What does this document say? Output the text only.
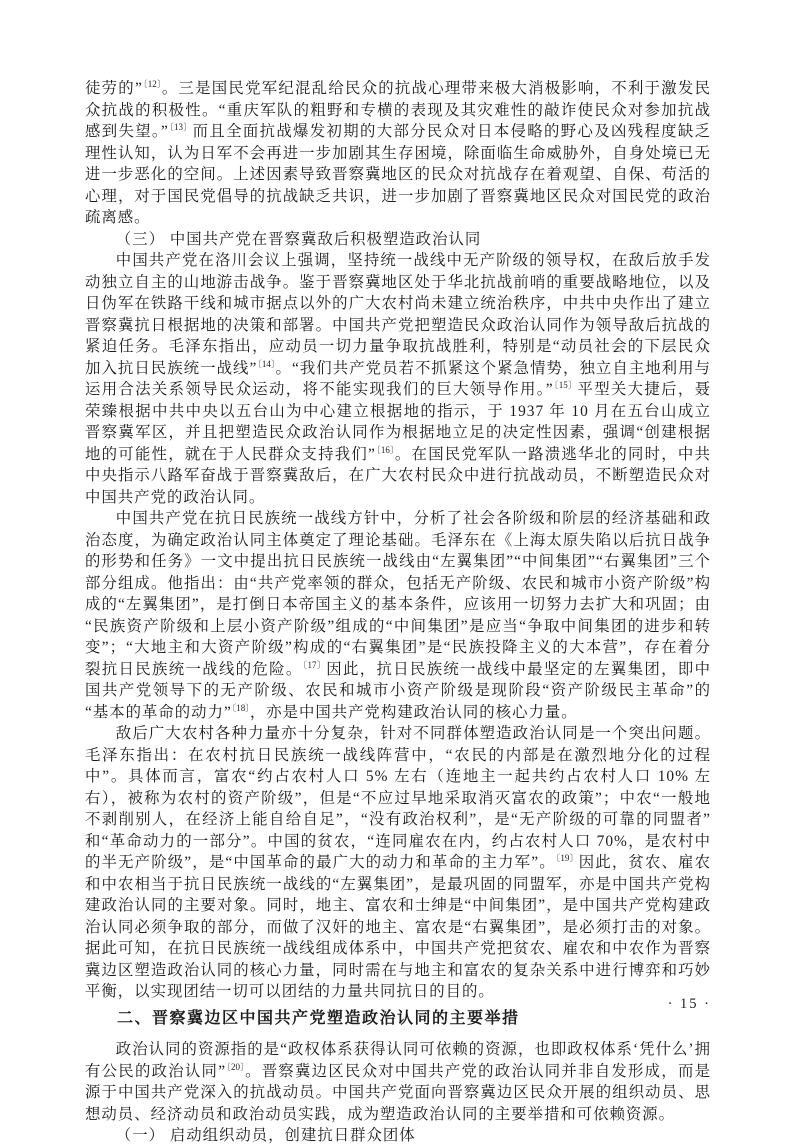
徒劳的”$^{〔12〕}$。三是国民党军纪混乱给民众的抗战心理带来极大消极影响，不利于激发民众抗战的积极性。“重庆军队的粗野和专横的表现及其灾难性的敲诈使民众对参加抗战感到失望。”$^{〔13〕}$而且全面抗战爆发初期的大部分民众对日本侵略的野心及凶残程度缺乏理性认知，认为日军不会再进一步加剧其生存困境，除面临生命威胁外，自身处境已无进一步恶化的空间。上述因素导致晋察冀地区的民众对抗战存在着观望、自保、苟活的心理，对于国民党倡导的抗战缺乏共识，进一步加剧了晋察冀地区民众对国民党的政治疏离感。

（三） 中国共产党在晋察冀敌后积极塑造政治认同

中国共产党在洛川会议上强调，坚持统一战线中无产阶级的领导权，在敌后放手发动独立自主的山地游击战争。鉴于晋察冀地区处于华北抗战前哨的重要战略地位，以及日伪军在铁路干线和城市据点以外的广大农村尚未建立统治秩序，中共中央作出了建立晋察冀抗日根据地的决策和部署。中国共产党把塑造民众政治认同作为领导敌后抗战的紧迫任务。毛泽东指出，应动员一切力量争取抗战胜利，特别是“动员社会的下层民众加入抗日民族统一战线”$^{〔14〕}$。“我们共产党员若不抓紧这个紧急情势，独立自主地利用与运用合法关系领导民众运动，将不能实现我们的巨大领导作用。”$^{〔15〕}$平型关大捷后，聂荣臻根据中共中央以五台山为中心建立根据地的指示，于 1937 年 10 月在五台山成立晋察冀军区，并且把塑造民众政治认同作为根据地立足的决定性因素，强调“创建根据地的可能性，就在于人民群众支持我们”$^{〔16〕}$。在国民党军队一路溃逃华北的同时，中共中央指示八路军奋战于晋察冀敌后，在广大农村民众中进行抗战动员，不断塑造民众对中国共产党的政治认同。

中国共产党在抗日民族统一战线方针中，分析了社会各阶级和阶层的经济基础和政治态度，为确定政治认同主体奠定了理论基础。毛泽东在《上海太原失陷以后抗日战争的形势和任务》一文中提出抗日民族统一战线由“左翼集团”“中间集团”“右翼集团”三个部分组成。他指出：由“共产党率领的群众，包括无产阶级、农民和城市小资产阶级”构成的“左翼集团”，是打倒日本帝国主义的基本条件，应该用一切努力去扩大和巩固；由“民族资产阶级和上层小资产阶级”组成的“中间集团”是应当“争取中间集团的进步和转变”；“大地主和大资产阶级”构成的“右翼集团”是“民族投降主义的大本营”，存在着分裂抗日民族统一战线的危险。$^{〔17〕}$因此，抗日民族统一战线中最坚定的左翼集团，即中国共产党领导下的无产阶级、农民和城市小资产阶级是现阶段“资产阶级民主革命”的“基本的革命的动力”$^{〔18〕}$，亦是中国共产党构建政治认同的核心力量。

敌后广大农村各种力量亦十分复杂，针对不同群体塑造政治认同是一个突出问题。毛泽东指出：在农村抗日民族统一战线阵营中，“农民的内部是在激烈地分化的过程中”。具体而言，富农“约占农村人口 5% 左右（连地主一起共约占农村人口 10% 左右），被称为农村的资产阶级”，但是“不应过早地采取消灭富农的政策”；中农“一般地不剥削别人，在经济上能自给自足”，“没有政治权利”，是“无产阶级的可靠的同盟者”和“革命动力的一部分”。中国的贫农，“连同雇农在内，约占农村人口 70%，是农村中的半无产阶级”，是“中国革命的最广大的动力和革命的主力军”。$^{〔19〕}$因此，贫农、雇农和中农相当于抗日民族统一战线的“左翼集团”，是最巩固的同盟军，亦是中国共产党构建政治认同的主要对象。同时，地主、富农和士绅是“中间集团”，是中国共产党构建政治认同必须争取的部分，而做了汉奸的地主、富农是“右翼集团”，是必须打击的对象。据此可知，在抗日民族统一战线组成体系中，中国共产党把贫农、雇农和中农作为晋察冀边区塑造政治认同的核心力量，同时需在与地主和富农的复杂关系中进行博弈和巧妙平衡，以实现团结一切可以团结的力量共同抗日的目的。

二、晋察冀边区中国共产党塑造政治认同的主要举措

政治认同的资源指的是“政权体系获得认同可依赖的资源，也即政权体系‘凭什么’拥有公民的政治认同”$^{〔20〕}$。晋察冀边区民众对中国共产党的政治认同并非自发形成，而是源于中国共产党深入的抗战动员。中国共产党面向晋察冀边区民众开展的组织动员、思想动员、经济动员和政治动员实践，成为塑造政治认同的主要举措和可依赖资源。

（一） 启动组织动员，创建抗日群众团体

· 15 ·
